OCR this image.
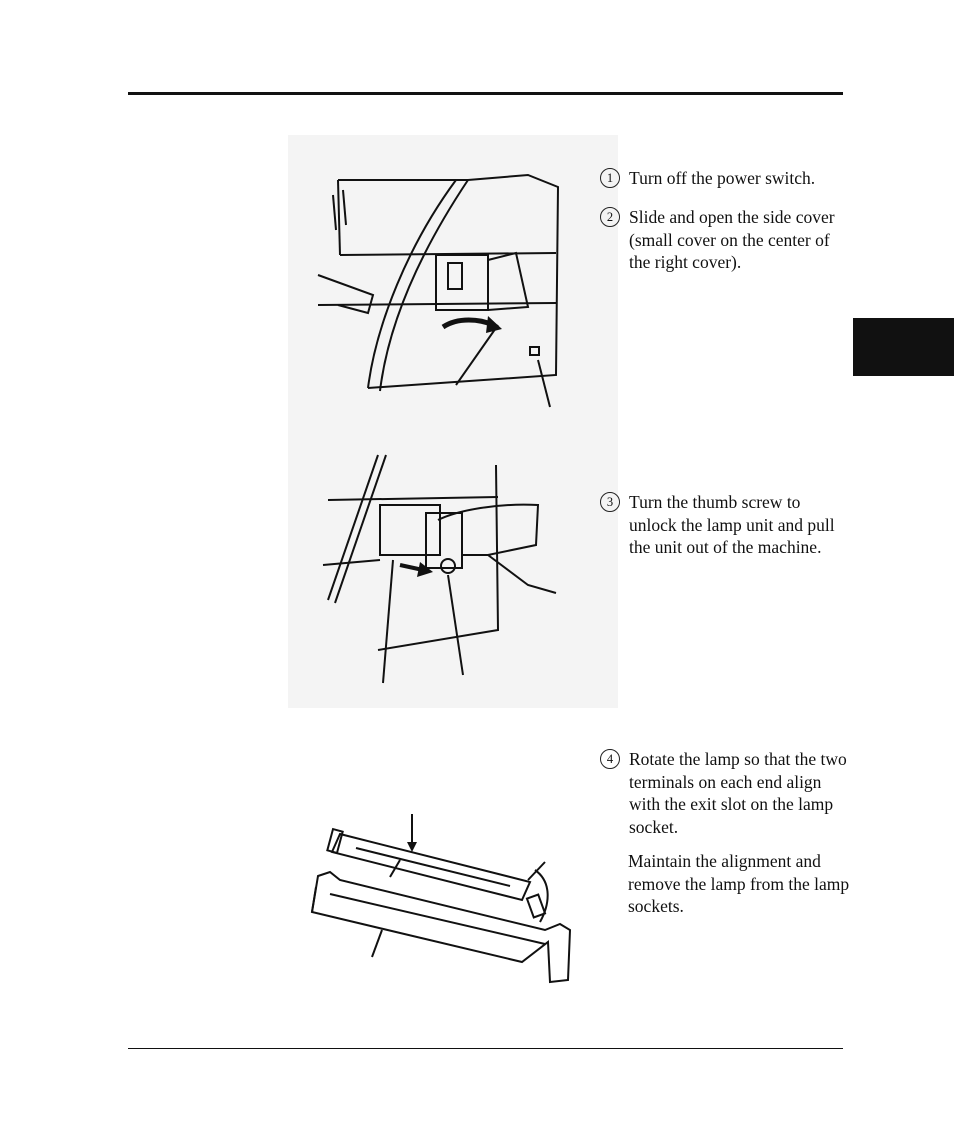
1 Turn off the power switch.
2 Slide and open the side cover (small cover on the center of the right cover).
3 Turn the thumb screw to unlock the lamp unit and pull the unit out of the machine.
4 Rotate the lamp so that the two terminals on each end align with the exit slot on the lamp socket.
Maintain the alignment and remove the lamp from the lamp sockets.
